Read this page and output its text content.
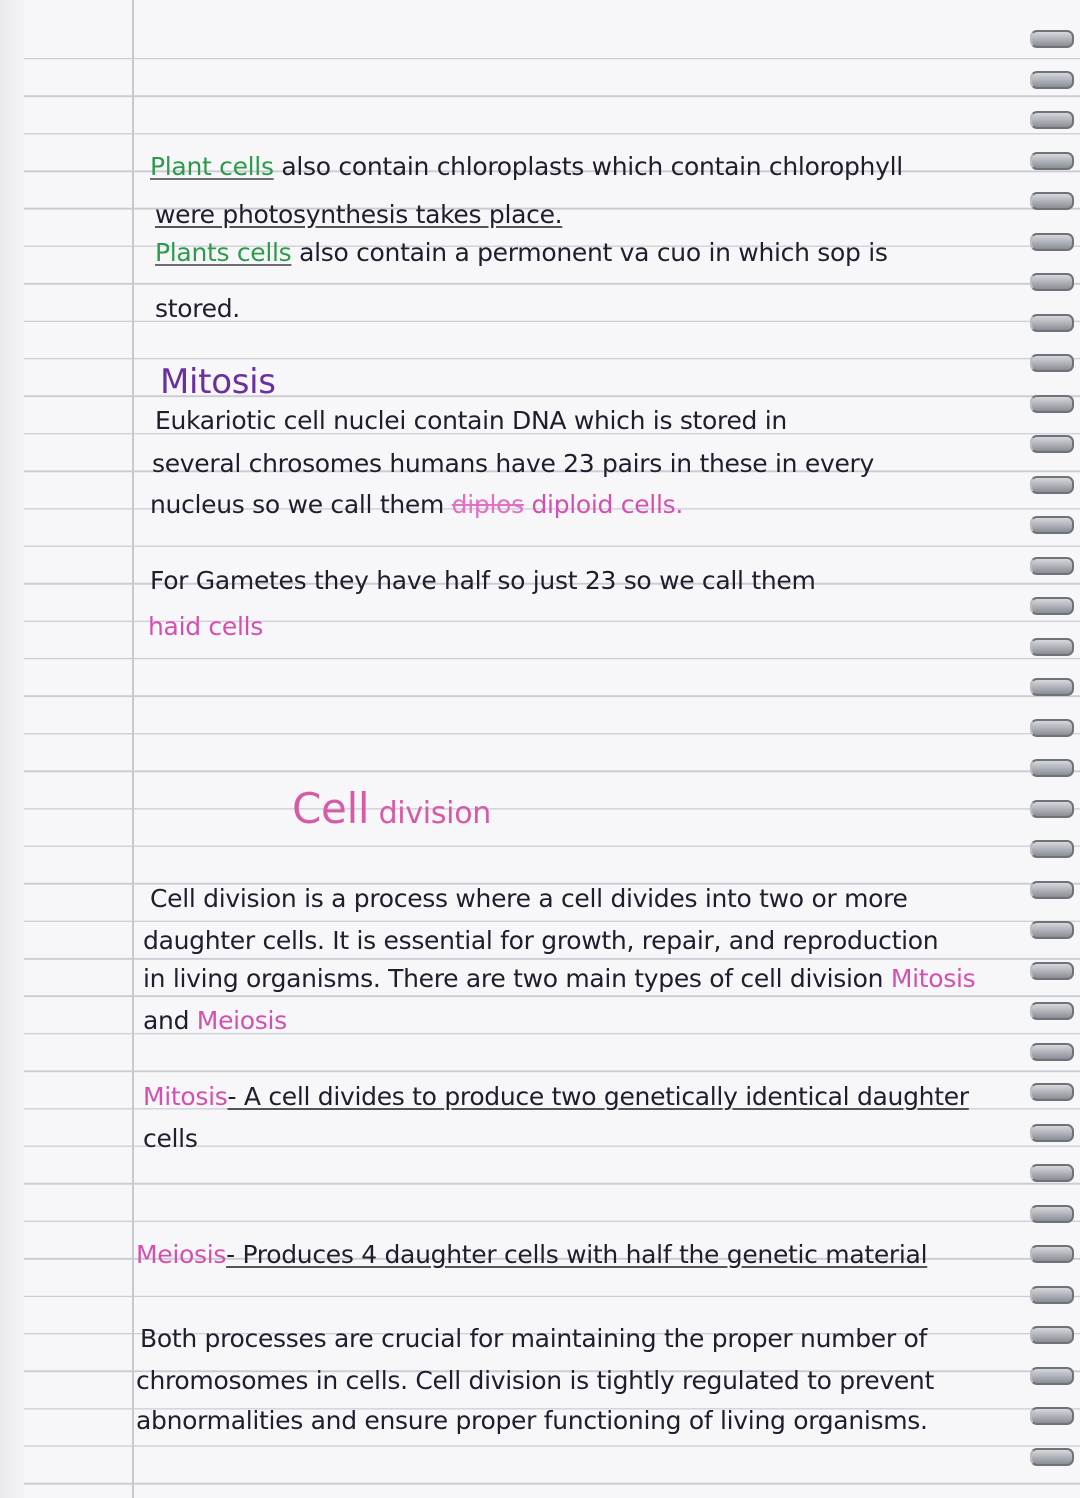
Plant cells also contain chloroplasts which contain chlorophyll

were photosynthesis takes place.

Plants cells also contain a permonent va cuo in which sop is

stored.

Mitosis

Eukariotic cell nuclei contain DNA which is stored in

several chrosomes humans have 23 pairs in these in every

nucleus so we call them diplos diploid cells.

For Gametes they have half so just 23 so we call them

haid cells

Cell division

Cell division is a process where a cell divides into two or more

daughter cells. It is essential for growth, repair, and reproduction

in living organisms. There are two main types of cell division Mitosis

and Meiosis

Mitosis- A cell divides to produce two genetically identical daughter

cells

Meiosis- Produces 4 daughter cells with half the genetic material

Both processes are crucial for maintaining the proper number of

chromosomes in cells. Cell division is tightly regulated to prevent

abnormalities and ensure proper functioning of living organisms.
